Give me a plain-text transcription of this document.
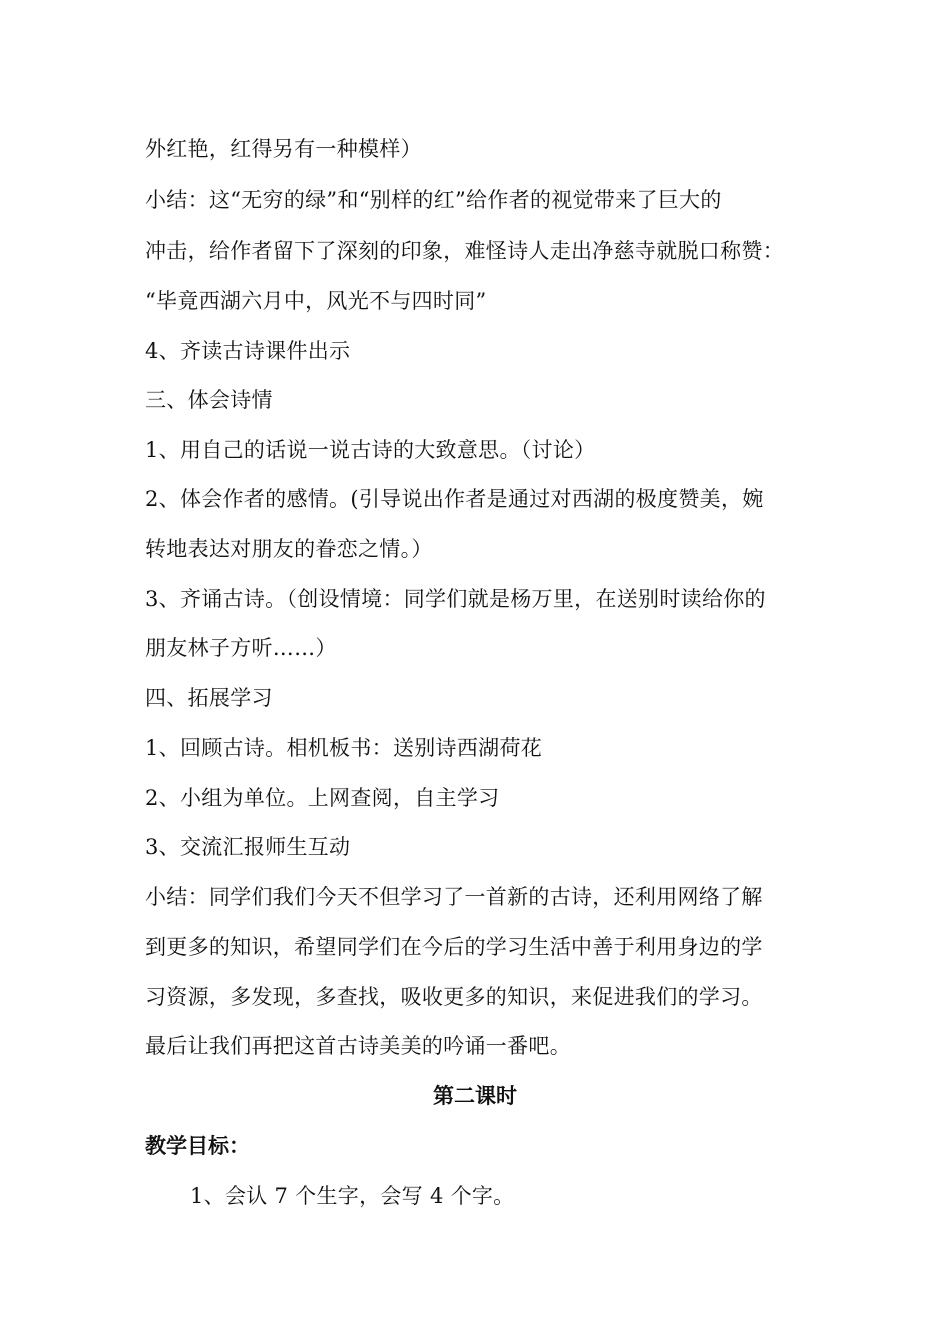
外红艳，红得另有一种模样）
小结：这“无穷的绿”和“别样的红”给作者的视觉带来了巨大的
冲击，给作者留下了深刻的印象，难怪诗人走出净慈寺就脱口称赞：
“毕竟西湖六月中，风光不与四时同”
4、齐读古诗课件出示
三、体会诗情
1、用自己的话说一说古诗的大致意思。（讨论）
2、体会作者的感情。(引导说出作者是通过对西湖的极度赞美，婉
转地表达对朋友的眷恋之情。）
3、齐诵古诗。（创设情境：同学们就是杨万里，在送别时读给你的
朋友林子方听……）
四、拓展学习
1、回顾古诗。相机板书：送别诗西湖荷花
2、小组为单位。上网查阅，自主学习
3、交流汇报师生互动
小结：同学们我们今天不但学习了一首新的古诗，还利用网络了解
到更多的知识，希望同学们在今后的学习生活中善于利用身边的学
习资源，多发现，多查找，吸收更多的知识，来促进我们的学习。
最后让我们再把这首古诗美美的吟诵一番吧。
第二课时
教学目标：
1、会认 7 个生字，会写 4 个字。
